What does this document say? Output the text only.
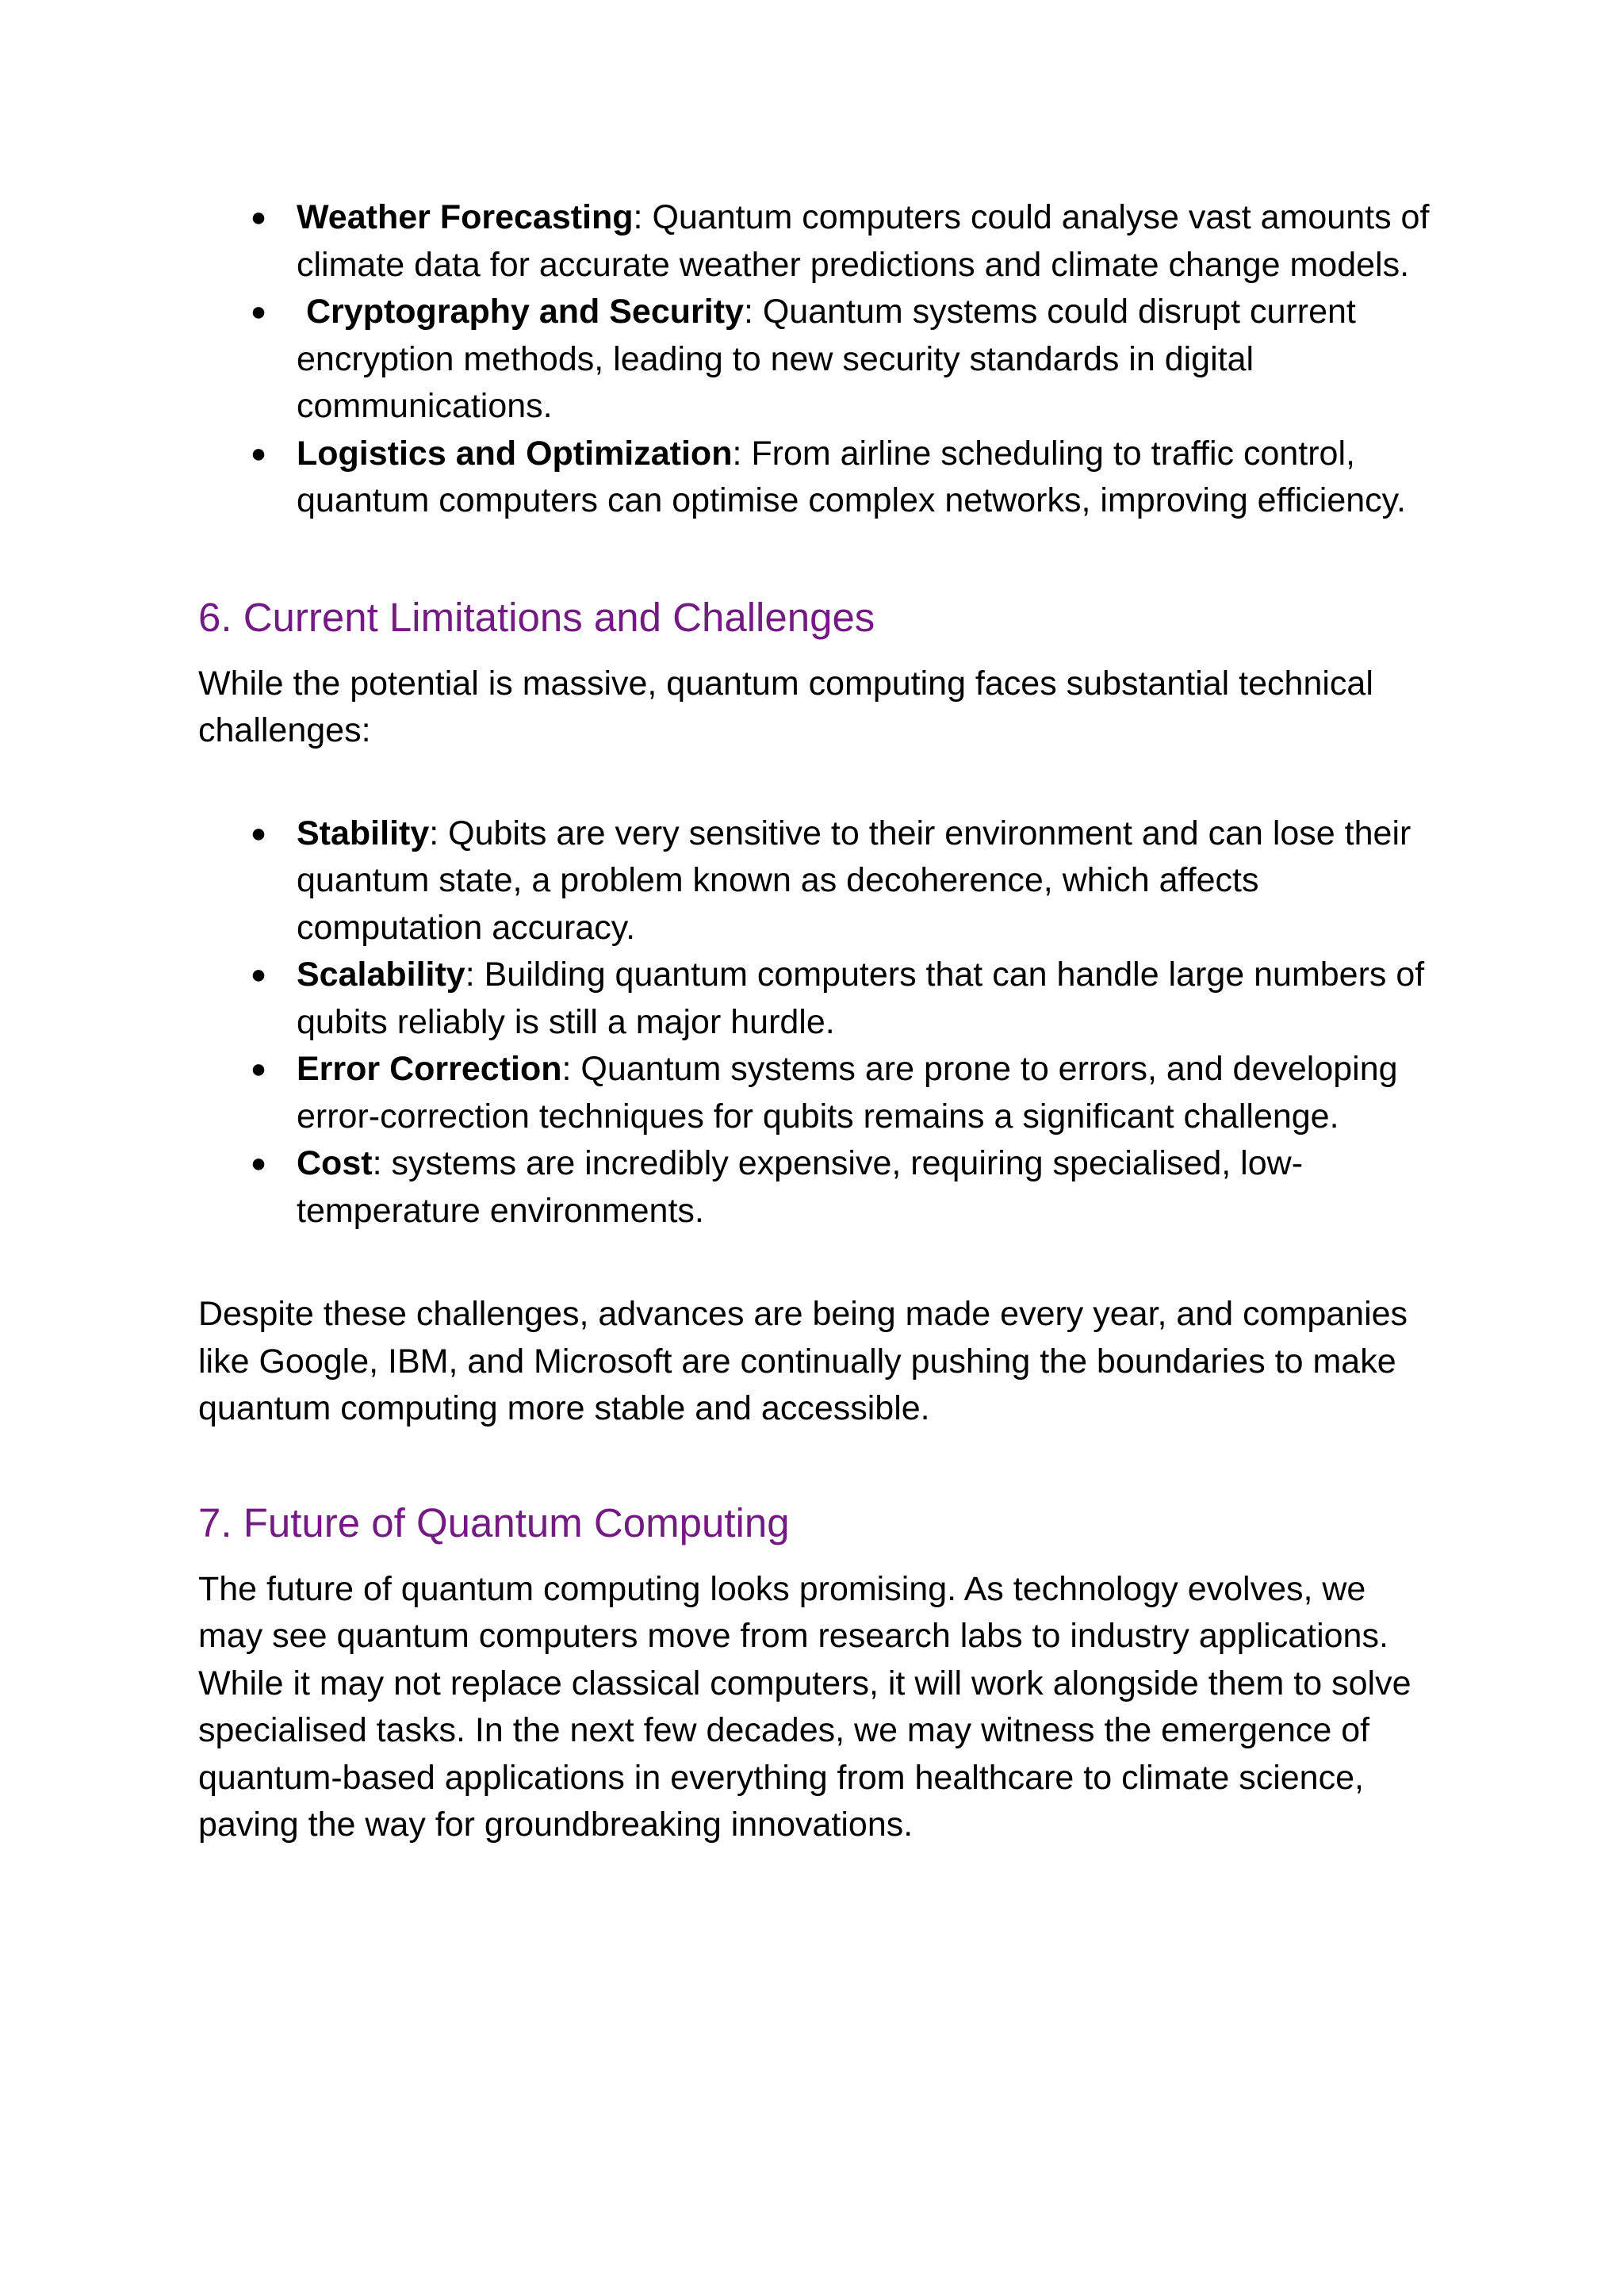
● Weather Forecasting: Quantum computers could analyse vast amounts of climate data for accurate weather predictions and climate change models.
● Cryptography and Security: Quantum systems could disrupt current encryption methods, leading to new security standards in digital communications.
● Logistics and Optimization: From airline scheduling to traffic control, quantum computers can optimise complex networks, improving efficiency.
6. Current Limitations and Challenges

While the potential is massive, quantum computing faces substantial technical challenges:

● Stability: Qubits are very sensitive to their environment and can lose their quantum state, a problem known as decoherence, which affects computation accuracy.
● Scalability: Building quantum computers that can handle large numbers of qubits reliably is still a major hurdle.
● Error Correction: Quantum systems are prone to errors, and developing error-correction techniques for qubits remains a significant challenge.
● Cost: systems are incredibly expensive, requiring specialised, low-temperature environments.

Despite these challenges, advances are being made every year, and companies like Google, IBM, and Microsoft are continually pushing the boundaries to make quantum computing more stable and accessible.

7. Future of Quantum Computing

The future of quantum computing looks promising. As technology evolves, we may see quantum computers move from research labs to industry applications. While it may not replace classical computers, it will work alongside them to solve specialised tasks. In the next few decades, we may witness the emergence of quantum-based applications in everything from healthcare to climate science, paving the way for groundbreaking innovations.
